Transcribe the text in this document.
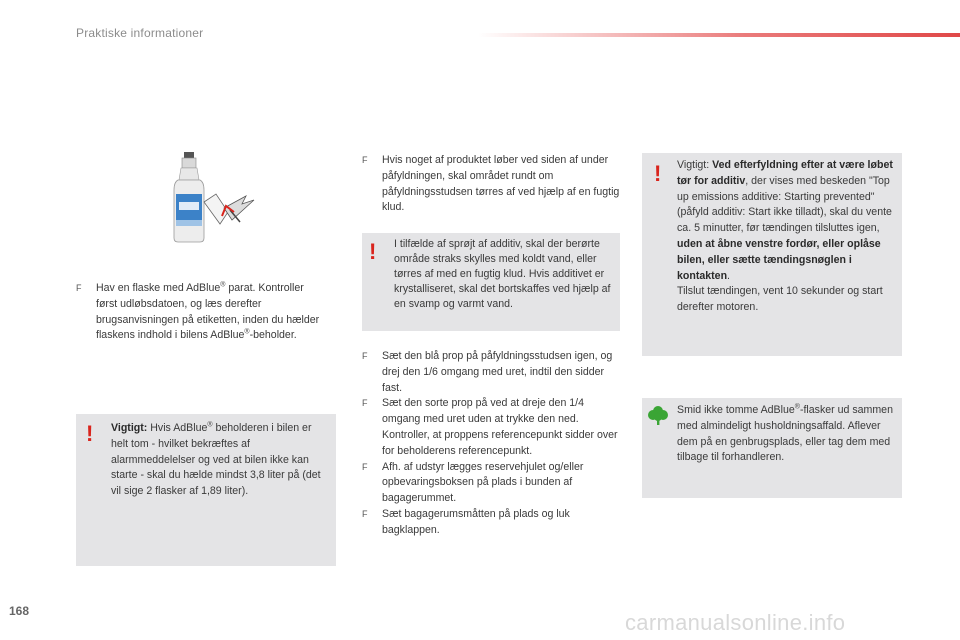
Praktiske informationer

F Hav en flaske med AdBlue® parat. Kontroller først udløbsdatoen, og læs derefter brugsanvisningen på etiketten, inden du hælder flaskens indhold i bilens AdBlue®-beholder.

! Vigtigt: Hvis AdBlue® beholderen i bilen er helt tom - hvilket bekræftes af alarmmeddelelser og ved at bilen ikke kan starte - skal du hælde mindst 3,8 liter på (det vil sige 2 flasker af 1,89 liter).

F Hvis noget af produktet løber ved siden af under påfyldningen, skal området rundt om påfyldningsstudsen tørres af ved hjælp af en fugtig klud.

! I tilfælde af sprøjt af additiv, skal der berørte område straks skylles med koldt vand, eller tørres af med en fugtig klud. Hvis additivet er krystalliseret, skal det bortskaffes ved hjælp af en svamp og varmt vand.

F Sæt den blå prop på påfyldningsstudsen igen, og drej den 1/6 omgang med uret, indtil den sidder fast.

F Sæt den sorte prop på ved at dreje den 1/4 omgang med uret uden at trykke den ned. Kontroller, at proppens referencepunkt sidder over for beholderens referencepunkt.

F Afh. af udstyr lægges reservehjulet og/eller opbevaringsboksen på plads i bunden af bagagerummet.

F Sæt bagagerumsmåtten på plads og luk bagklappen.

! Vigtigt: Ved efterfyldning efter at være løbet tør for additiv, der vises med beskeden "Top up emissions additive: Starting prevented" (påfyld additiv: Start ikke tilladt), skal du vente ca. 5 minutter, før tændingen tilsluttes igen, uden at åbne venstre fordør, eller oplåse bilen, eller sætte tændingsnøglen i kontakten.
Tilslut tændingen, vent 10 sekunder og start derefter motoren.
Smid ikke tomme AdBlue®-flasker ud sammen med almindeligt husholdningsaffald. Aflever dem på en genbrugsplads, eller tag dem med tilbage til forhandleren.
168	carmanualsonline.info
